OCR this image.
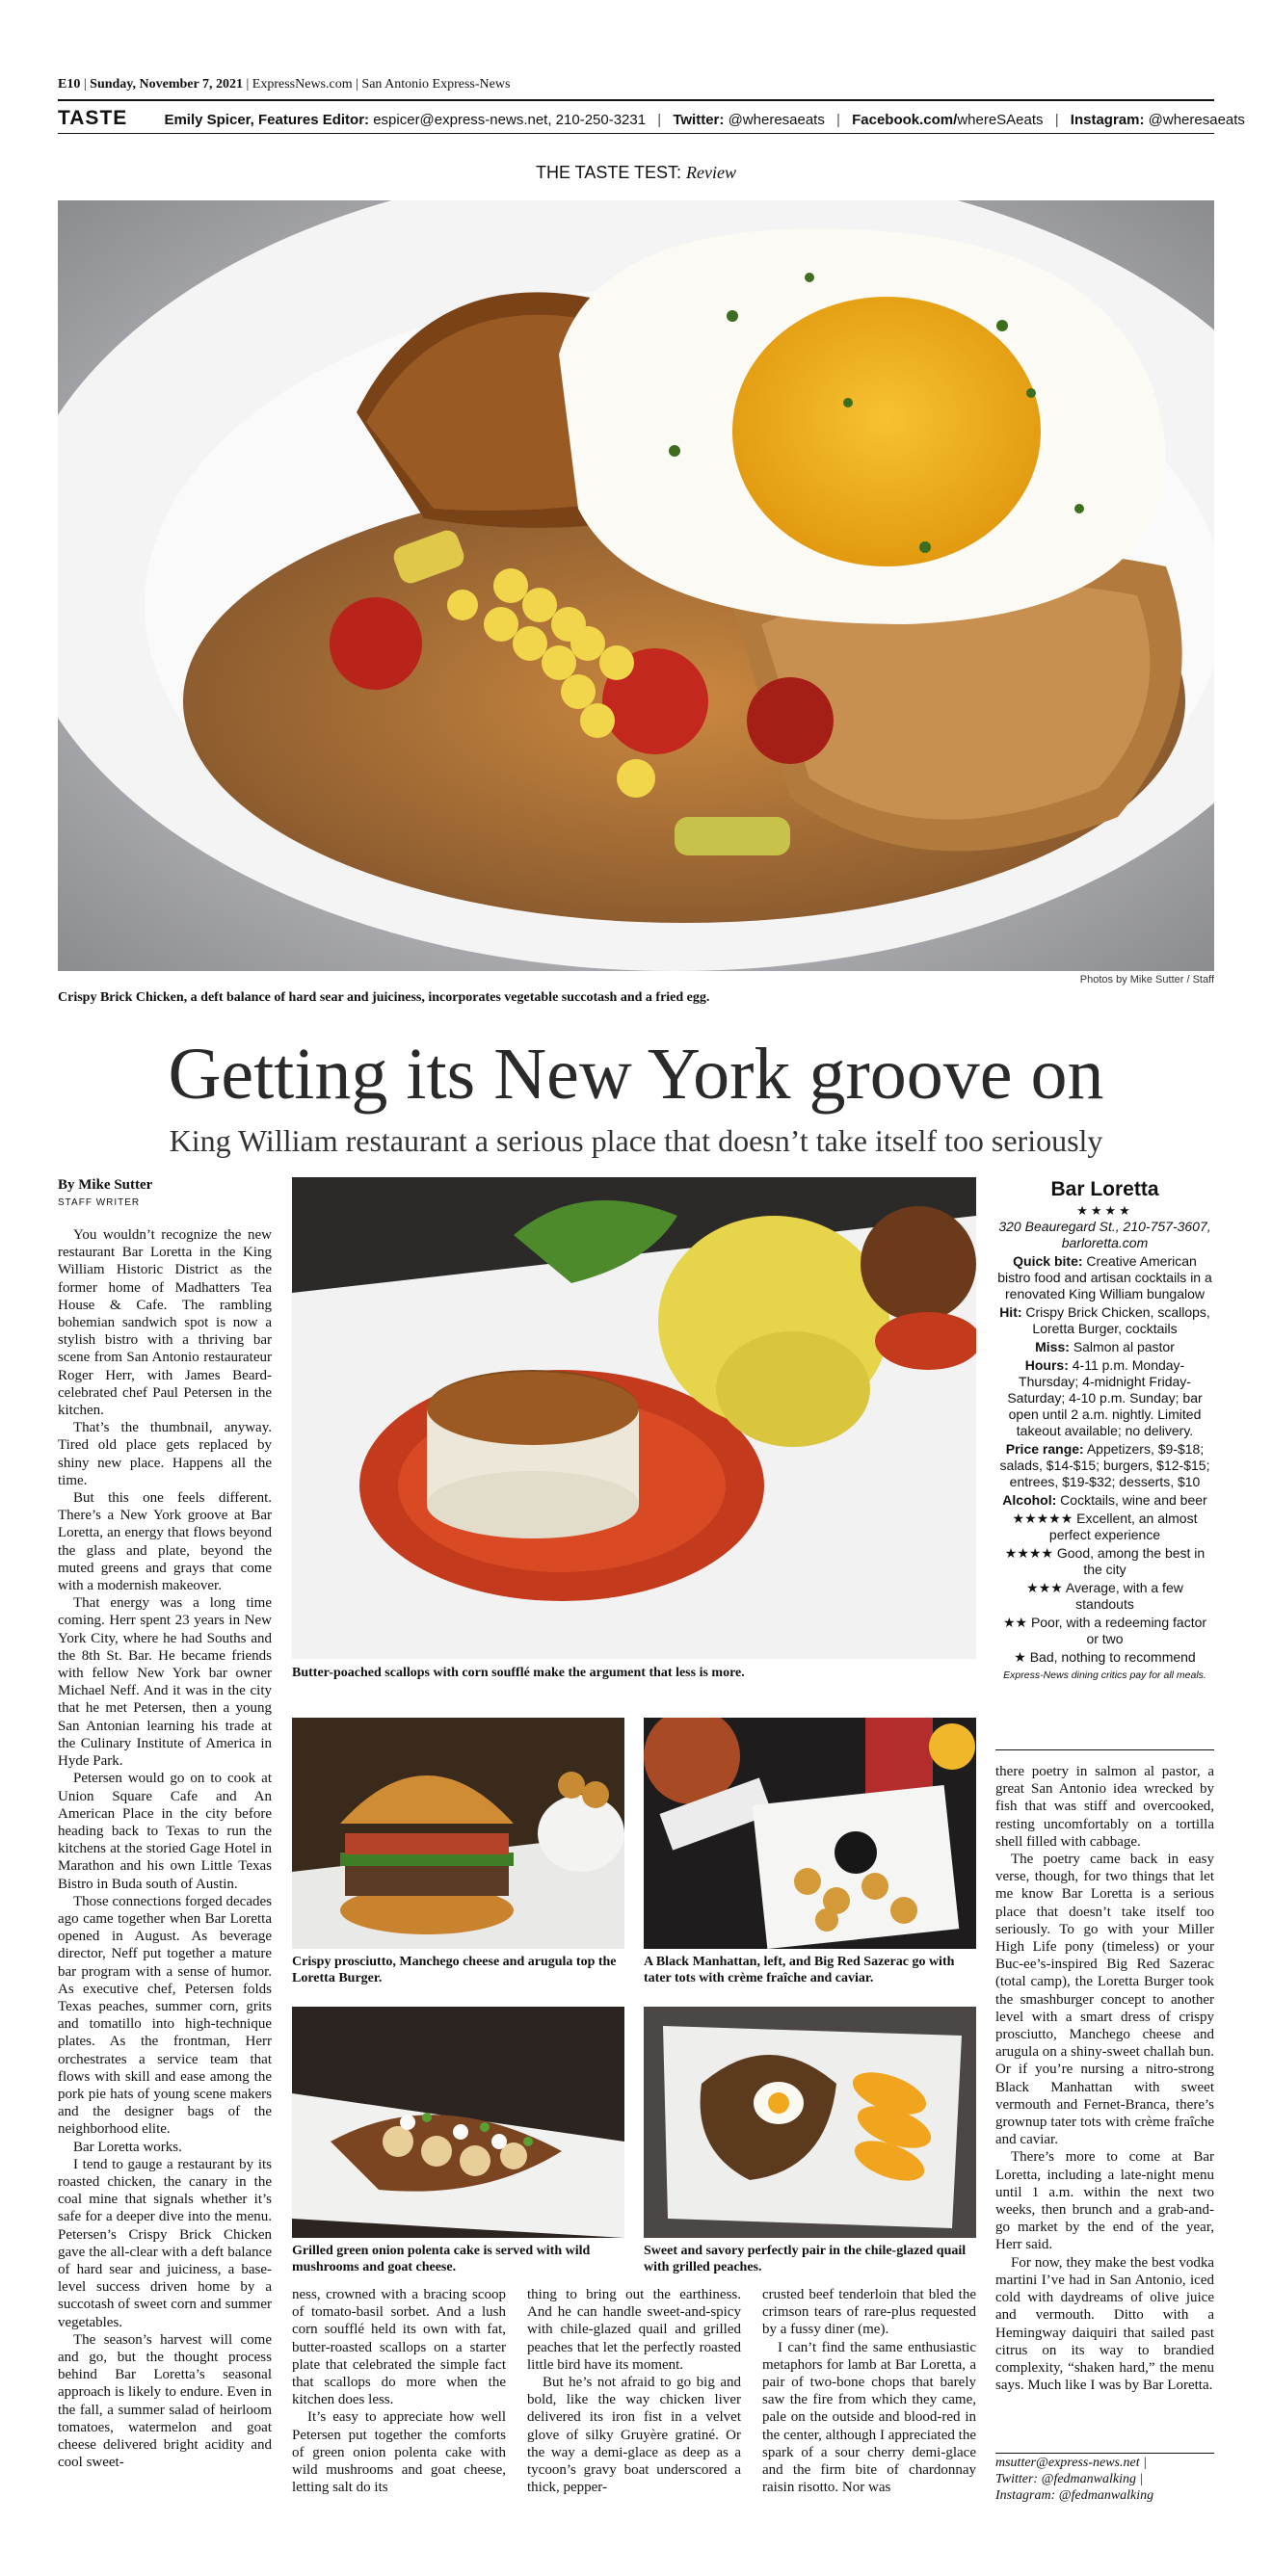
E10 | Sunday, November 7, 2021 | ExpressNews.com | San Antonio Express-News
TASTE	Emily Spicer, Features Editor: espicer@express-news.net, 210-250-3231 | Twitter: @wheresaeats | Facebook.com/whereSAeats | Instagram: @wheresaeats
THE TASTE TEST: Review
Photos by Mike Sutter / Staff
Crispy Brick Chicken, a deft balance of hard sear and juiciness, incorporates vegetable succotash and a fried egg.
Getting its New York groove on
King William restaurant a serious place that doesn’t take itself too seriously
By Mike Sutter
STAFF WRITER

You wouldn’t recognize the new restaurant Bar Loretta in the King William Historic District as the former home of Madhatters Tea House & Cafe. The rambling bohemian sandwich spot is now a stylish bistro with a thriving bar scene from San Antonio restaurateur Roger Herr, with James Beard-celebrated chef Paul Petersen in the kitchen.

That’s the thumbnail, anyway. Tired old place gets replaced by shiny new place. Happens all the time.

But this one feels different. There’s a New York groove at Bar Loretta, an energy that flows beyond the glass and plate, beyond the muted greens and grays that come with a modernish makeover.

That energy was a long time coming. Herr spent 23 years in New York City, where he had Souths and the 8th St. Bar. He became friends with fellow New York bar owner Michael Neff. And it was in the city that he met Petersen, then a young San Antonian learning his trade at the Culinary Institute of America in Hyde Park.

Petersen would go on to cook at Union Square Cafe and An American Place in the city before heading back to Texas to run the kitchens at the storied Gage Hotel in Marathon and his own Little Texas Bistro in Buda south of Austin.

Those connections forged decades ago came together when Bar Loretta opened in August. As beverage director, Neff put together a mature bar program with a sense of humor. As executive chef, Petersen folds Texas peaches, summer corn, grits and tomatillo into high-technique plates. As the frontman, Herr orchestrates a service team that flows with skill and ease among the pork pie hats of young scene makers and the designer bags of the neighborhood elite.

Bar Loretta works.

I tend to gauge a restaurant by its roasted chicken, the canary in the coal mine that signals whether it’s safe for a deeper dive into the menu. Petersen’s Crispy Brick Chicken gave the all-clear with a deft balance of hard sear and juiciness, a base-level success driven home by a succotash of sweet corn and summer vegetables.

The season’s harvest will come and go, but the thought process behind Bar Loretta’s seasonal approach is likely to endure. Even in the fall, a summer salad of heirloom tomatoes, watermelon and goat cheese delivered bright acidity and cool sweet-

Butter-poached scallops with corn soufflé make the argument that less is more.
Crispy prosciutto, Manchego cheese and arugula top the Loretta Burger.
A Black Manhattan, left, and Big Red Sazerac go with tater tots with crème fraîche and caviar.
Grilled green onion polenta cake is served with wild mushrooms and goat cheese.
Sweet and savory perfectly pair in the chile-glazed quail with grilled peaches.

ness, crowned with a bracing scoop of tomato-basil sorbet. And a lush corn soufflé held its own with fat, butter-roasted scallops on a starter plate that celebrated the simple fact that scallops do more when the kitchen does less.

It’s easy to appreciate how well Petersen put together the comforts of green onion polenta cake with wild mushrooms and goat cheese, letting salt do its

thing to bring out the earthiness. And he can handle sweet-and-spicy with chile-glazed quail and grilled peaches that let the perfectly roasted little bird have its moment.

But he’s not afraid to go big and bold, like the way chicken liver delivered its iron fist in a velvet glove of silky Gruyère gratiné. Or the way a demi-glace as deep as a tycoon’s gravy boat underscored a thick, pepper-

crusted beef tenderloin that bled the crimson tears of rare-plus requested by a fussy diner (me).

I can’t find the same enthusiastic metaphors for lamb at Bar Loretta, a pair of two-bone chops that barely saw the fire from which they came, pale on the outside and blood-red in the center, although I appreciated the spark of a sour cherry demi-glace and the firm bite of chardonnay raisin risotto. Nor was

Bar Loretta
★★★★
320 Beauregard St., 210-757-3607, barloretta.com
Quick bite: Creative American bistro food and artisan cocktails in a renovated King William bungalow
Hit: Crispy Brick Chicken, scallops, Loretta Burger, cocktails
Miss: Salmon al pastor
Hours: 4-11 p.m. Monday-Thursday; 4-midnight Friday-Saturday; 4-10 p.m. Sunday; bar open until 2 a.m. nightly. Limited takeout available; no delivery.
Price range: Appetizers, $9-$18; salads, $14-$15; burgers, $12-$15; entrees, $19-$32; desserts, $10
Alcohol: Cocktails, wine and beer
★★★★★ Excellent, an almost perfect experience
★★★★ Good, among the best in the city
★★★ Average, with a few standouts
★★ Poor, with a redeeming factor or two
★ Bad, nothing to recommend
Express-News dining critics pay for all meals.

there poetry in salmon al pastor, a great San Antonio idea wrecked by fish that was stiff and overcooked, resting uncomfortably on a tortilla shell filled with cabbage.

The poetry came back in easy verse, though, for two things that let me know Bar Loretta is a serious place that doesn’t take itself too seriously. To go with your Miller High Life pony (timeless) or your Buc-ee’s-inspired Big Red Sazerac (total camp), the Loretta Burger took the smashburger concept to another level with a smart dress of crispy prosciutto, Manchego cheese and arugula on a shiny-sweet challah bun. Or if you’re nursing a nitro-strong Black Manhattan with sweet vermouth and Fernet-Branca, there’s grownup tater tots with crème fraîche and caviar.

There’s more to come at Bar Loretta, including a late-night menu until 1 a.m. within the next two weeks, then brunch and a grab-and-go market by the end of the year, Herr said.

For now, they make the best vodka martini I’ve had in San Antonio, iced cold with daydreams of olive juice and vermouth. Ditto with a Hemingway daiquiri that sailed past citrus on its way to brandied complexity, “shaken hard,” the menu says. Much like I was by Bar Loretta.

msutter@express-news.net |
Twitter: @fedmanwalking |
Instagram: @fedmanwalking
